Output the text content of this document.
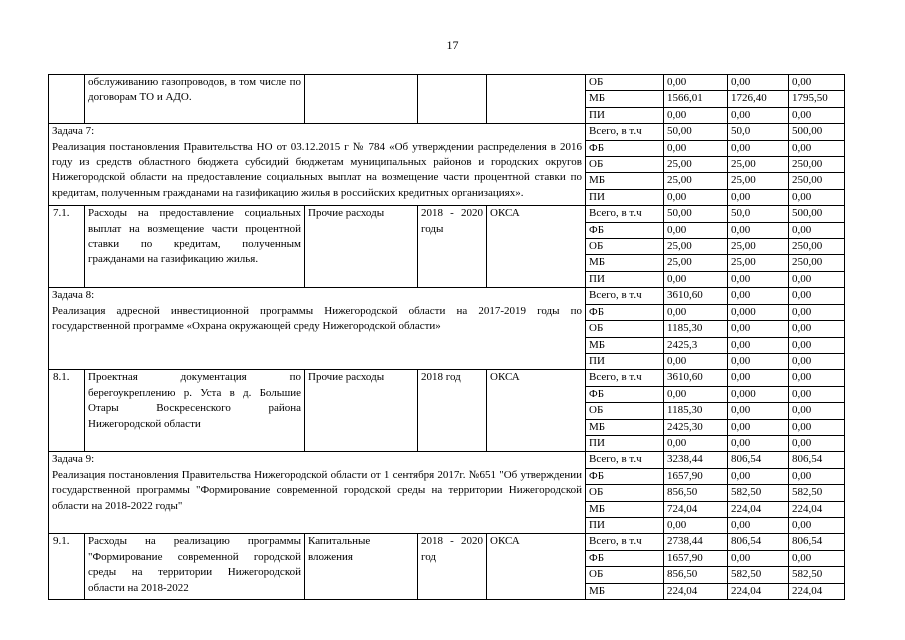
17
	обслуживанию газопроводов, в том числе по договорам ТО и АДО.				ОБ	0,00	0,00	0,00
					МБ	1566,01	1726,40	1795,50
					ПИ	0,00	0,00	0,00

Задача 7:
Реализация постановления Правительства НО от 03.12.2015 г № 784 «Об утверждении распределения в 2016 году из средств областного бюджета субсидий бюджетам муниципальных районов и городских округов Нижегородской области на предоставление социальных выплат на возмещение части процентной ставки по кредитам, полученным гражданами на газификацию жилья в российских кредитных организациях».					Всего, в т.ч	50,00	50,0	500,00
					ФБ	0,00	0,00	0,00
					ОБ	25,00	25,00	250,00
					МБ	25,00	25,00	250,00
					ПИ	0,00	0,00	0,00
7.1.	Расходы на предоставление социальных выплат на возмещение части процентной ставки по кредитам, полученным гражданами на газификацию жилья.	Прочие расходы	2018 - 2020 годы	ОКСА	Всего, в т.ч	50,00	50,0	500,00
					ФБ	0,00	0,00	0,00
					ОБ	25,00	25,00	250,00
					МБ	25,00	25,00	250,00
					ПИ	0,00	0,00	0,00

Задача 8:
Реализация адресной инвестиционной программы Нижегородской области на 2017-2019 годы по государственной программе «Охрана окружающей среду Нижегородской области»					Всего, в т.ч	3610,60	0,00	0,00
					ФБ	0,00	0,000	0,00
					ОБ	1185,30	0,00	0,00
					МБ	2425,3	0,00	0,00
					ПИ	0,00	0,00	0,00
8.1.	Проектная документация по берегоукреплению р. Уста в д. Большие Отары Воскресенского района Нижегородской области	Прочие расходы	2018 год	ОКСА	Всего, в т.ч	3610,60	0,00	0,00
					ФБ	0,00	0,000	0,00
					ОБ	1185,30	0,00	0,00
					МБ	2425,30	0,00	0,00
					ПИ	0,00	0,00	0,00

Задача 9:
Реализация постановления Правительства Нижегородской области от 1 сентября 2017г. №651 "Об утверждении государственной программы "Формирование современной городской среды на территории Нижегородской области на 2018-2022 годы"					Всего, в т.ч	3238,44	806,54	806,54
					ФБ	1657,90	0,00	0,00
					ОБ	856,50	582,50	582,50
					МБ	724,04	224,04	224,04
					ПИ	0,00	0,00	0,00
9.1.	Расходы на реализацию программы "Формирование современной городской среды на территории Нижегородской области на 2018-2022	Капитальные вложения	2018 - 2020 год	ОКСА	Всего, в т.ч	2738,44	806,54	806,54
					ФБ	1657,90	0,00	0,00
					ОБ	856,50	582,50	582,50
					МБ	224,04	224,04	224,04
